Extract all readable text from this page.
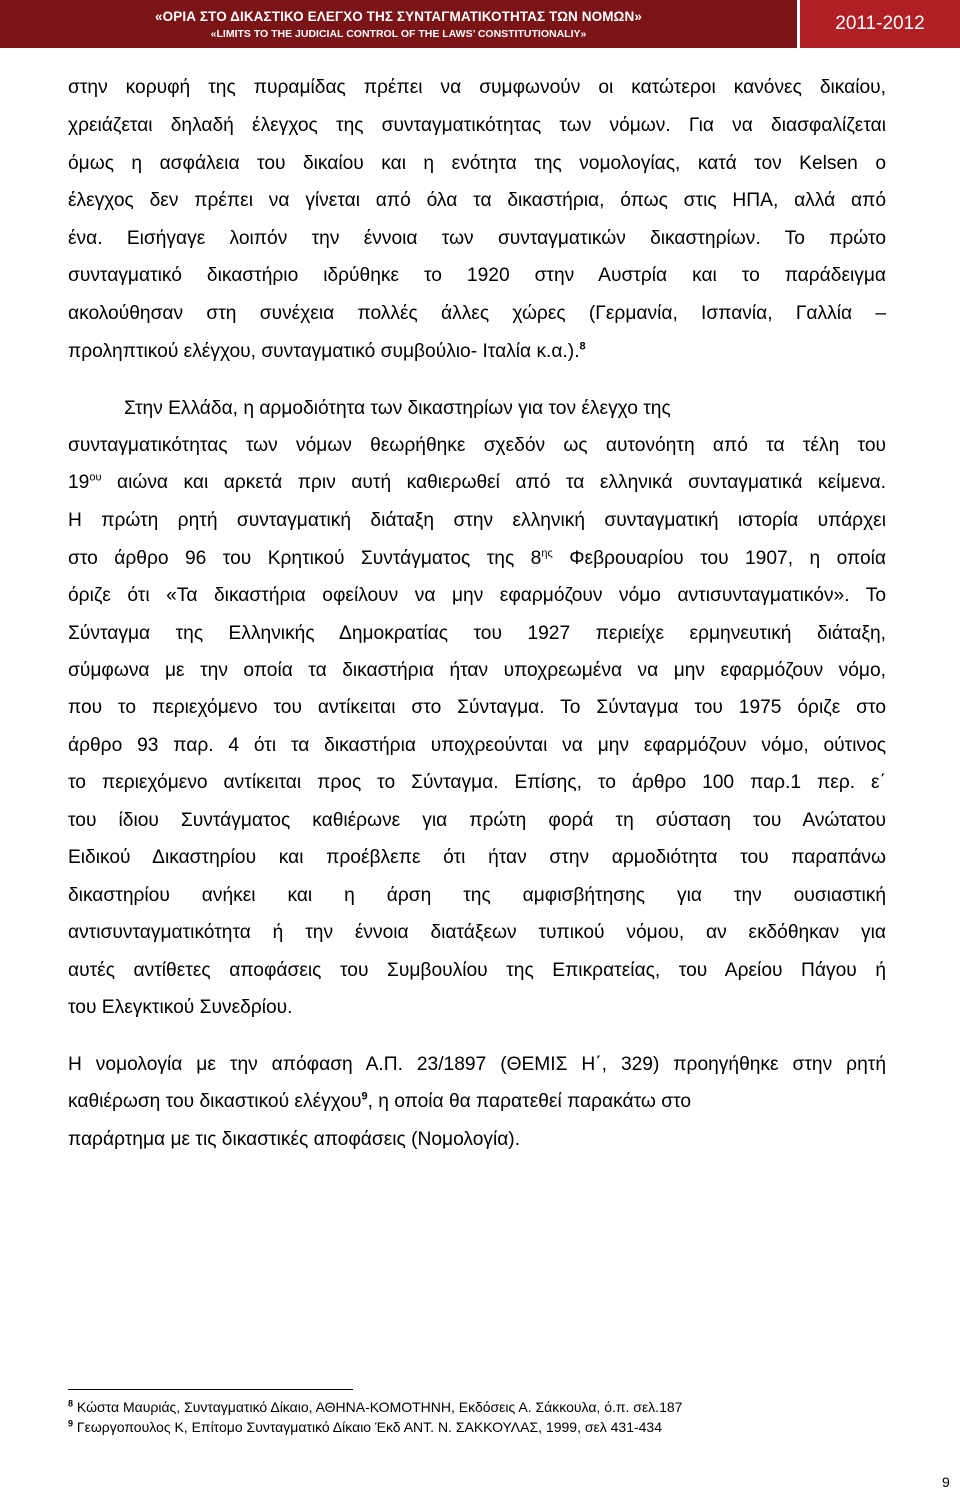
«ΟΡΙΑ ΣΤΟ ΔΙΚΑΣΤΙΚΟ ΕΛΕΓΧΟ ΤΗΣ ΣΥΝΤΑΓΜΑΤΙΚΟΤΗΤΑΣ ΤΩΝ ΝΟΜΩΝ»
«LIMITS TO THE JUDICIAL CONTROL OF THE LAWS’ CONSTITUTIONALIY»	2011-2012
στην κορυφή της πυραμίδας πρέπει να συμφωνούν οι κατώτεροι κανόνες δικαίου,
χρειάζεται δηλαδή έλεγχος της συνταγματικότητας των νόμων. Για να διασφαλίζεται
όμως η ασφάλεια του δικαίου και η ενότητα της νομολογίας, κατά τον Kelsen ο
έλεγχος δεν πρέπει να γίνεται από όλα τα δικαστήρια, όπως στις ΗΠΑ, αλλά από
ένα. Εισήγαγε λοιπόν την έννοια των συνταγματικών δικαστηρίων. Το πρώτο
συνταγματικό δικαστήριο ιδρύθηκε το 1920 στην Αυστρία και το παράδειγμα
ακολούθησαν στη συνέχεια πολλές άλλες χώρες (Γερμανία, Ισπανία, Γαλλία –
προληπτικού ελέγχου, συνταγματικό συμβούλιο- Ιταλία κ.α.).$^8$
Στην Ελλάδα, η αρμοδιότητα των δικαστηρίων για τον έλεγχο της
συνταγματικότητας των νόμων θεωρήθηκε σχεδόν ως αυτονόητη από τα τέλη του
$19^{o\upsilon}$ αιώνα και αρκετά πριν αυτή καθιερωθεί από τα ελληνικά συνταγματικά κείμενα.
Η πρώτη ρητή συνταγματική διάταξη στην ελληνική συνταγματική ιστορία υπάρχει
στο άρθρο 96 του Κρητικού Συντάγματος της $8^{\eta\varsigma}$ Φεβρουαρίου του 1907, η οποία
όριζε ότι «Τα δικαστήρια οφείλουν να μην εφαρμόζουν νόμο αντισυνταγματικόν». Το
Σύνταγμα της Ελληνικής Δημοκρατίας του 1927 περιείχε ερμηνευτική διάταξη,
σύμφωνα με την οποία τα δικαστήρια ήταν υποχρεωμένα να μην εφαρμόζουν νόμο,
που το περιεχόμενο του αντίκειται στο Σύνταγμα. Το Σύνταγμα του 1975 όριζε στο
άρθρο 93 παρ. 4 ότι τα δικαστήρια υποχρεούνται να μην εφαρμόζουν νόμο, ούτινος
το περιεχόμενο αντίκειται προς το Σύνταγμα. Επίσης, το άρθρο 100 παρ.1 περ. ε΄
του ίδιου Συντάγματος καθιέρωνε για πρώτη φορά τη σύσταση του Ανώτατου
Ειδικού Δικαστηρίου και προέβλεπε ότι ήταν στην αρμοδιότητα του παραπάνω
δικαστηρίου ανήκει και η άρση της αμφισβήτησης για την ουσιαστική
αντισυνταγματικότητα ή την έννοια διατάξεων τυπικού νόμου, αν εκδόθηκαν για
αυτές αντίθετες αποφάσεις του Συμβουλίου της Επικρατείας, του Αρείου Πάγου ή
του Ελεγκτικού Συνεδρίου.
Η νομολογία με την απόφαση Α.Π. 23/1897 (ΘΕΜΙΣ Η΄, 329) προηγήθηκε στην ρητή
καθιέρωση του δικαστικού ελέγχου$^9$, η οποία θα παρατεθεί παρακάτω στο
παράρτημα με τις δικαστικές αποφάσεις (Νομολογία).
$^8$ Κώστα Μαυριάς, Συνταγματικό Δίκαιο, ΑΘΗΝΑ-ΚΟΜΟΤΗΝΗ, Εκδόσεις Α. Σάκκουλα, ό.π. σελ.187
$^9$ Γεωργοπουλος Κ, Επίτομο Συνταγματικό Δίκαιο Έκδ ΑΝΤ. Ν. ΣΑΚΚΟΥΛΑΣ, 1999, σελ 431-434
9
